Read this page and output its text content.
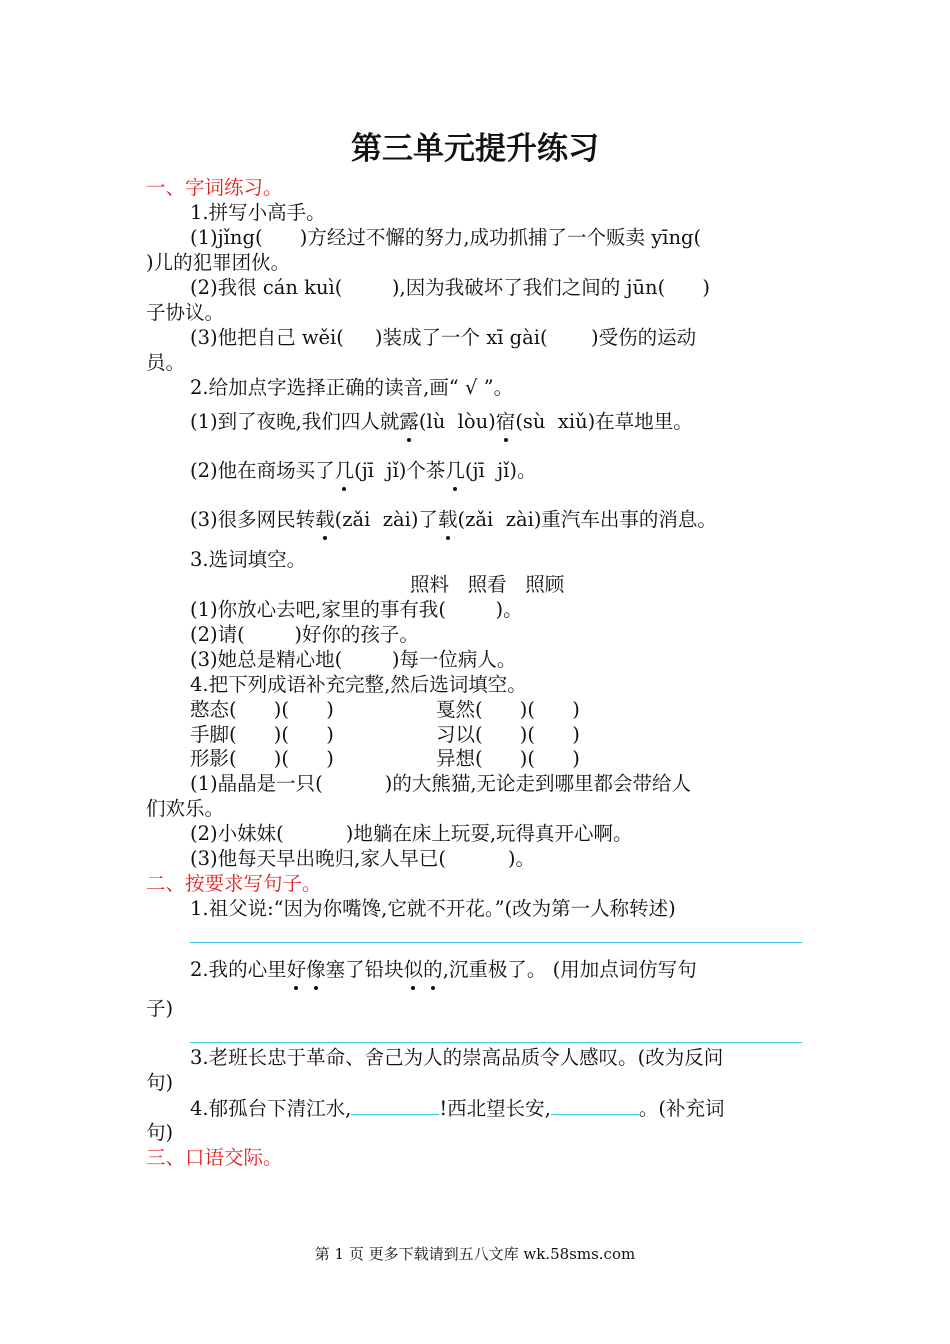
第三单元提升练习
一、字词练习。
1.拼写小高手。
(1)jǐng(      )方经过不懈的努力,成功抓捕了一个贩卖 yīng(
)儿的犯罪团伙。
(2)我很 cán kuì(        ),因为我破坏了我们之间的 jūn(      )
子协议。
(3)他把自己 wěi(     )装成了一个 xī gài(       )受伤的运动
员。
2.给加点字选择正确的读音,画“ √ ”。
(1)到了夜晚,我们四人就露(lù  lòu)宿(sù  xiǔ)在草地里。
(2)他在商场买了几(jī  jǐ)个茶几(jī  jǐ)。
(3)很多网民转载(zǎi  zài)了载(zǎi  zài)重汽车出事的消息。
3.选词填空。
照料   照看   照顾
(1)你放心去吧,家里的事有我(        )。
(2)请(        )好你的孩子。
(3)她总是精心地(        )每一位病人。
4.把下列成语补充完整,然后选词填空。
憨态(      )(      )	戛然(      )(      )
手脚(      )(      )	习以(      )(      )
形影(      )(      )	异想(      )(      )
(1)晶晶是一只(          )的大熊猫,无论走到哪里都会带给人
们欢乐。
(2)小妹妹(          )地躺在床上玩耍,玩得真开心啊。
(3)他每天早出晚归,家人早已(          )。
二、按要求写句子。
1.祖父说:“因为你嘴馋,它就不开花。”(改为第一人称转述)
2.我的心里好像塞了铅块似的,沉重极了。 (用加点词仿写句
子)
3.老班长忠于革命、舍己为人的崇高品质令人感叹。(改为反问
句)
4.郁孤台下清江水,	!西北望长安,	。(补充词
句)
三、口语交际。
第 1 页 更多下载请到五八文库 wk.58sms.com
